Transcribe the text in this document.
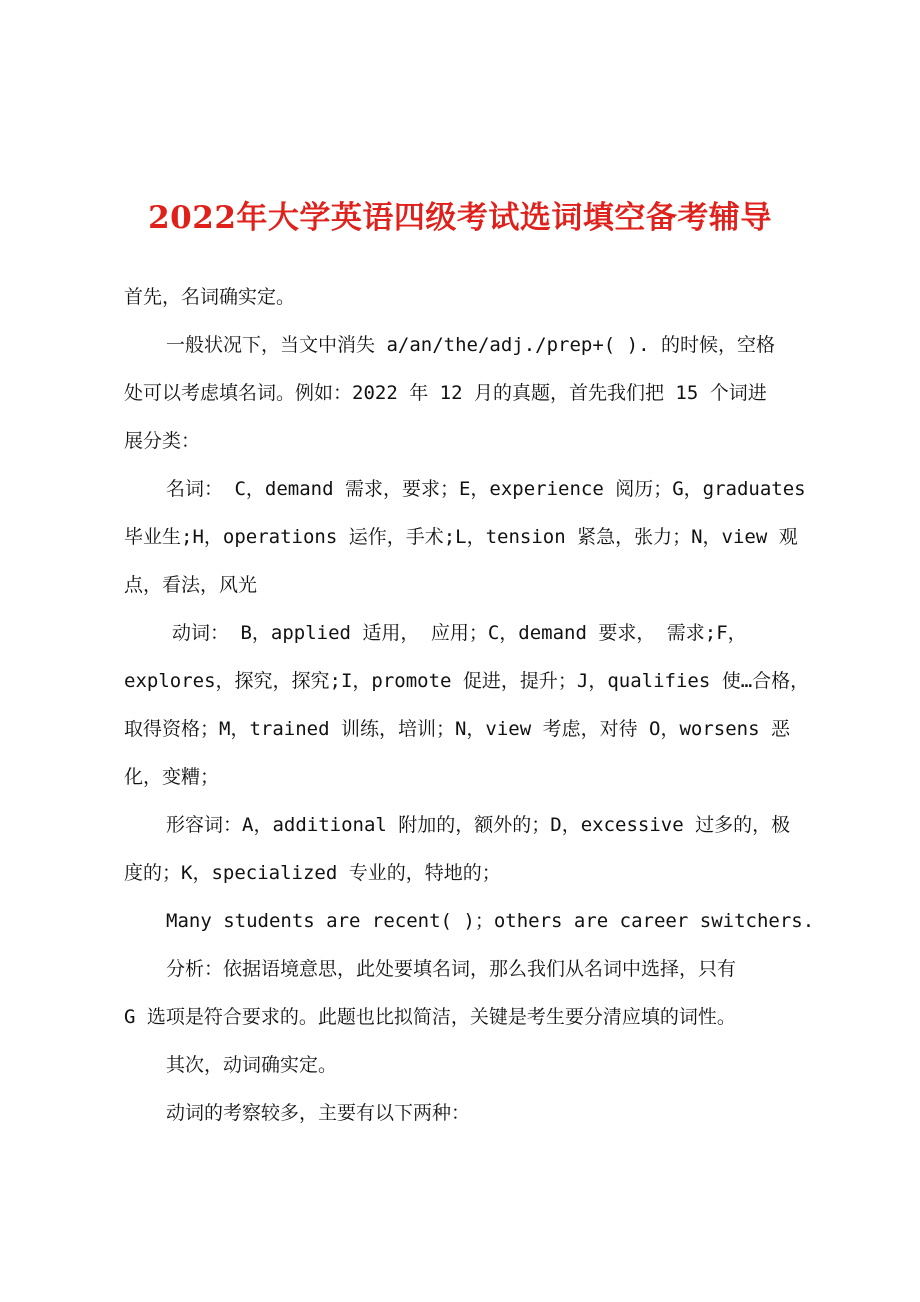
2022年大学英语四级考试选词填空备考辅导

首先，名词确实定。

一般状况下，当文中消失 a/an/the/adj./prep+( ). 的时候，空格

处可以考虑填名词。例如：2022 年 12 月的真题，首先我们把 15 个词进

展分类：

名词： C，demand 需求，要求；E，experience 阅历；G，graduates

毕业生;H，operations 运作，手术;L，tension 紧急，张力；N，view 观

点，看法，风光

动词： B，applied 适用， 应用；C，demand 要求， 需求;F，

explores，探究，探究;I，promote 促进，提升；J，qualifies 使…合格，

取得资格；M，trained 训练，培训；N，view 考虑，对待 O，worsens 恶

化，变糟；

形容词：A，additional 附加的，额外的；D，excessive 过多的，极

度的；K，specialized 专业的，特地的；

Many students are recent( )；others are career switchers.

分析：依据语境意思，此处要填名词，那么我们从名词中选择，只有

G 选项是符合要求的。此题也比拟简洁，关键是考生要分清应填的词性。

其次，动词确实定。

动词的考察较多，主要有以下两种：
